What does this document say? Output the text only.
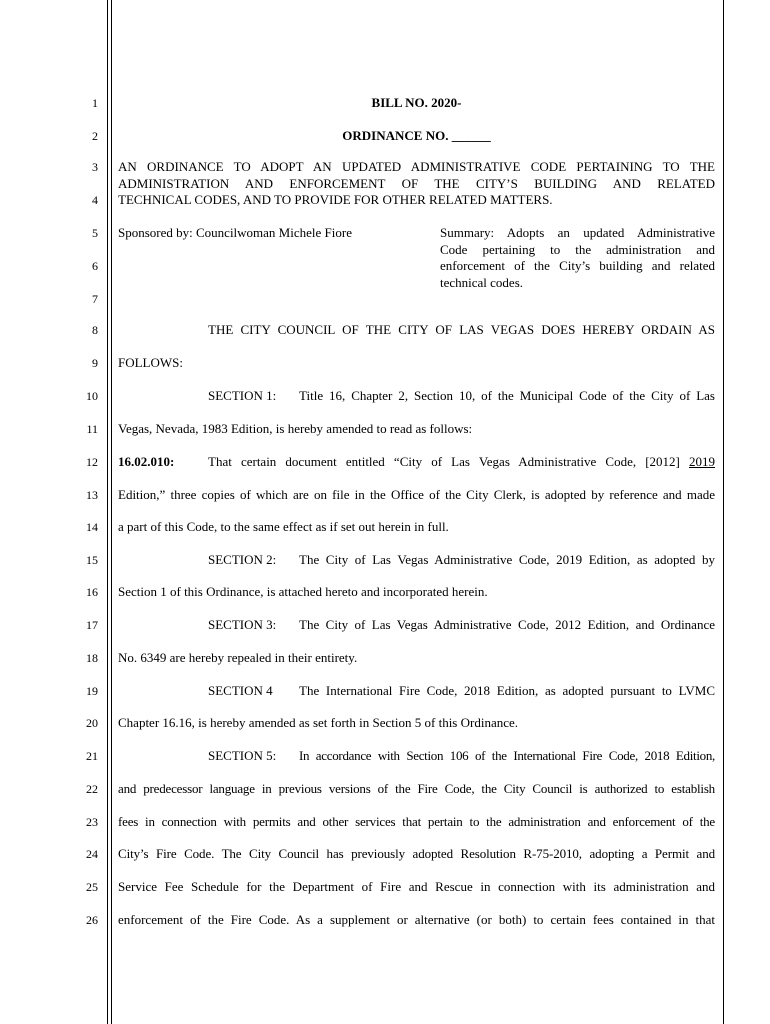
1
2
3
4
5
6
7
8
9
10
11
12
13
14
15
16
17
18
19
20
21
22
23
24
25
26
BILL NO. 2020-
ORDINANCE NO. ______
AN ORDINANCE TO ADOPT AN UPDATED ADMINISTRATIVE CODE PERTAINING TO THE
ADMINISTRATION AND ENFORCEMENT OF THE CITY’S BUILDING AND RELATED
TECHNICAL CODES, AND TO PROVIDE FOR OTHER RELATED MATTERS.
Sponsored by: Councilwoman Michele Fiore	Summary: Adopts an updated Administrative
Code pertaining to the administration and
enforcement of the City’s building and related
technical codes.
THE CITY COUNCIL OF THE CITY OF LAS VEGAS DOES HEREBY ORDAIN AS
FOLLOWS:
SECTION 1: Title 16, Chapter 2, Section 10, of the Municipal Code of the City of Las
Vegas, Nevada, 1983 Edition, is hereby amended to read as follows:
16.02.010:	That certain document entitled “City of Las Vegas Administrative Code, [2012] 2019
Edition,” three copies of which are on file in the Office of the City Clerk, is adopted by reference and made
a part of this Code, to the same effect as if set out herein in full.
SECTION 2: The City of Las Vegas Administrative Code, 2019 Edition, as adopted by
Section 1 of this Ordinance, is attached hereto and incorporated herein.
SECTION 3: The City of Las Vegas Administrative Code, 2012 Edition, and Ordinance
No. 6349 are hereby repealed in their entirety.
SECTION 4 The International Fire Code, 2018 Edition, as adopted pursuant to LVMC
Chapter 16.16, is hereby amended as set forth in Section 5 of this Ordinance.
SECTION 5: In accordance with Section 106 of the International Fire Code, 2018 Edition,
and predecessor language in previous versions of the Fire Code, the City Council is authorized to establish
fees in connection with permits and other services that pertain to the administration and enforcement of the
City’s Fire Code. The City Council has previously adopted Resolution R-75-2010, adopting a Permit and
Service Fee Schedule for the Department of Fire and Rescue in connection with its administration and
enforcement of the Fire Code. As a supplement or alternative (or both) to certain fees contained in that
